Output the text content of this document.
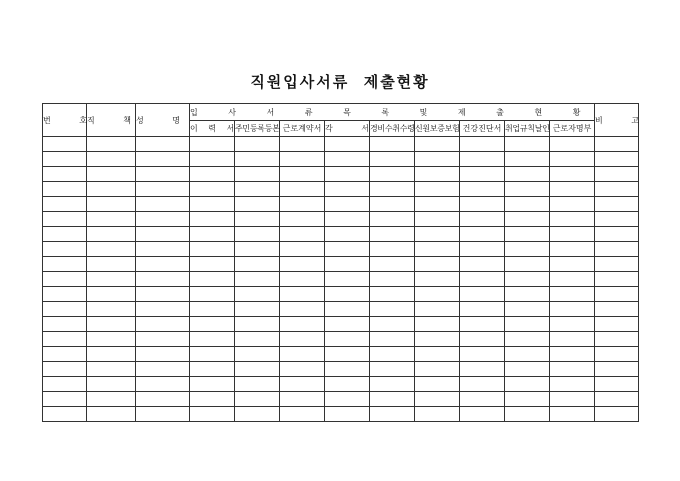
직원입사서류  제출현황
번 호	직 책	성 명	입 사 서 류 목 록 및 제 출 현 황									비 고
			이 력 서	주민등록등본	근로계약서	각 서	경비수취수령	신원보증보험	건강진단서	취업규칙날인	근로자명부	
